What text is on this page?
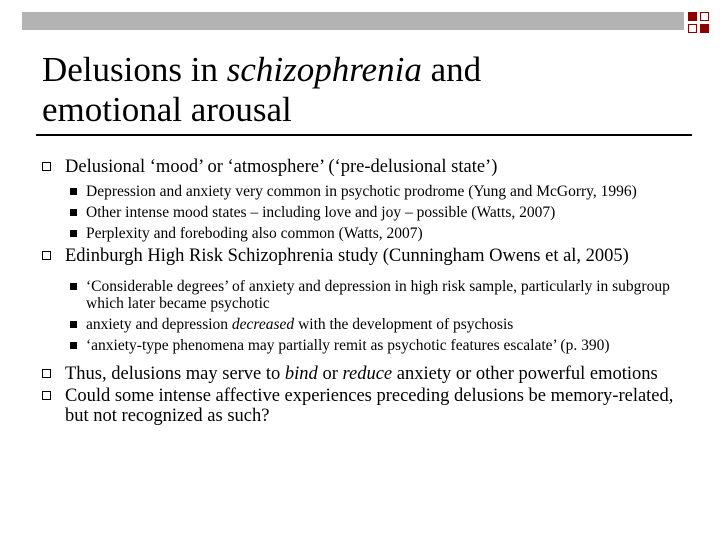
Delusions in schizophrenia and
emotional arousal

Delusional ‘mood’ or ‘atmosphere’ (‘pre-delusional state’)

Depression and anxiety very common in psychotic prodrome (Yung and McGorry, 1996)

Other intense mood states – including love and joy – possible (Watts, 2007)

Perplexity and foreboding also common (Watts, 2007)

Edinburgh High Risk Schizophrenia study (Cunningham Owens et al, 2005)

‘Considerable degrees’ of anxiety and depression in high risk sample, particularly in subgroup which later became psychotic

anxiety and depression decreased with the development of psychosis

‘anxiety-type phenomena may partially remit as psychotic features escalate’ (p. 390)

Thus, delusions may serve to bind or reduce anxiety or other powerful emotions

Could some intense affective experiences preceding delusions be memory-related, but not recognized as such?
